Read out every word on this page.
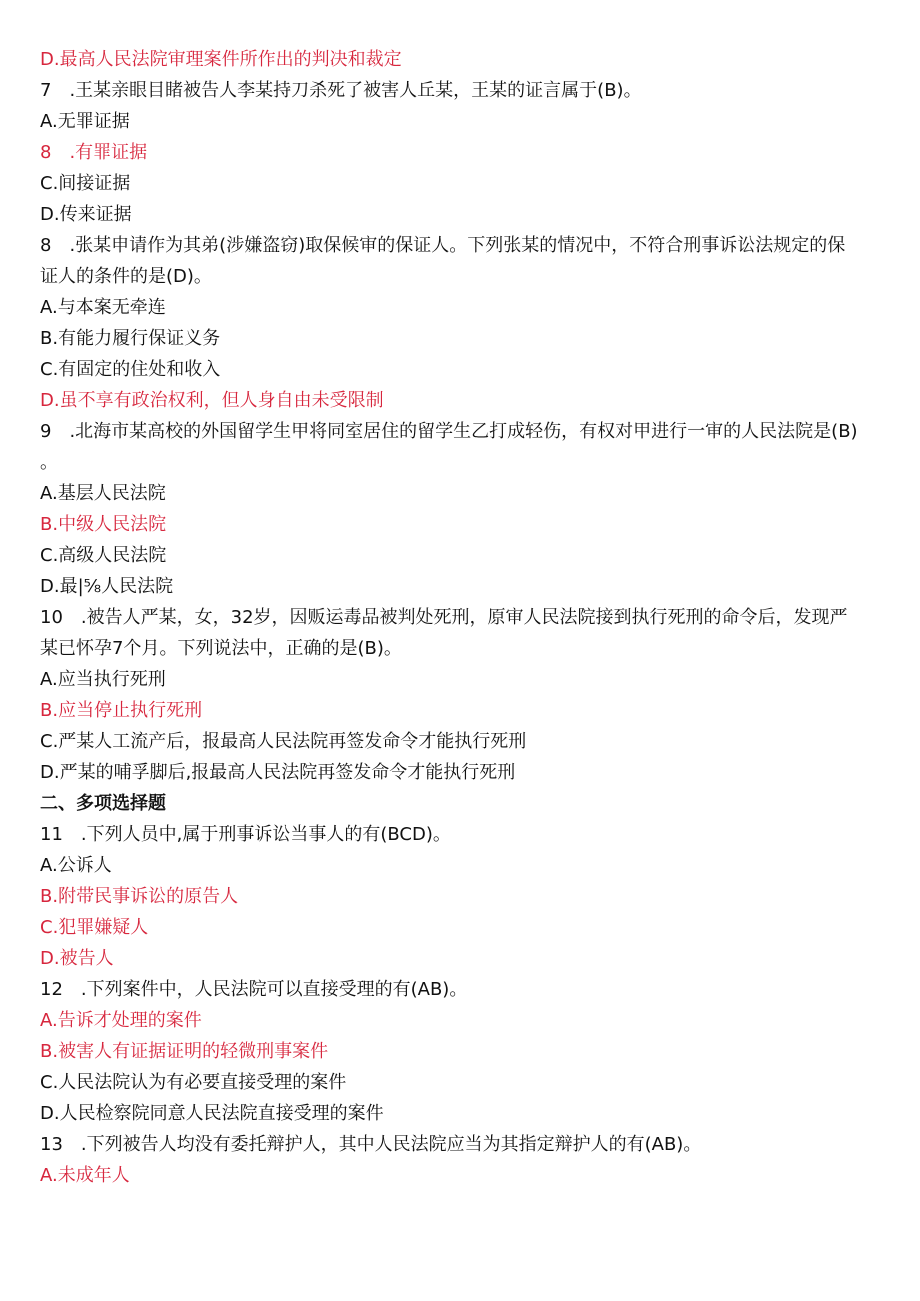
D.最高人民法院审理案件所作出的判决和裁定
7　.王某亲眼目睹被告人李某持刀杀死了被害人丘某，王某的证言属于(B)。
A.无罪证据
8　.有罪证据
C.间接证据
D.传来证据
8　.张某申请作为其弟(涉嫌盗窃)取保候审的保证人。下列张某的情况中，不符合刑事诉讼法规定的保
证人的条件的是(D)。
A.与本案无牵连
B.有能力履行保证义务
C.有固定的住处和收入
D.虽不享有政治权利，但人身自由未受限制
9　.北海市某高校的外国留学生甲将同室居住的留学生乙打成轻伤，有权对甲进行一审的人民法院是(B)
。
A.基层人民法院
B.中级人民法院
C.高级人民法院
D.最|⅝人民法院
10　.被告人严某，女，32岁，因贩运毒品被判处死刑，原审人民法院接到执行死刑的命令后，发现严
某已怀孕7个月。下列说法中，正确的是(B)。
A.应当执行死刑
B.应当停止执行死刑
C.严某人工流产后，报最高人民法院再签发命令才能执行死刑
D.严某的哺孚脚后,报最高人民法院再签发命令才能执行死刑
二、多项选择题
11　.下列人员中,属于刑事诉讼当事人的有(BCD)。
A.公诉人
B.附带民事诉讼的原告人
C.犯罪嫌疑人
D.被告人
12　.下列案件中，人民法院可以直接受理的有(AB)。
A.告诉才处理的案件
B.被害人有证据证明的轻微刑事案件
C.人民法院认为有必要直接受理的案件
D.人民检察院同意人民法院直接受理的案件
13　.下列被告人均没有委托辩护人，其中人民法院应当为其指定辩护人的有(AB)。
A.未成年人
